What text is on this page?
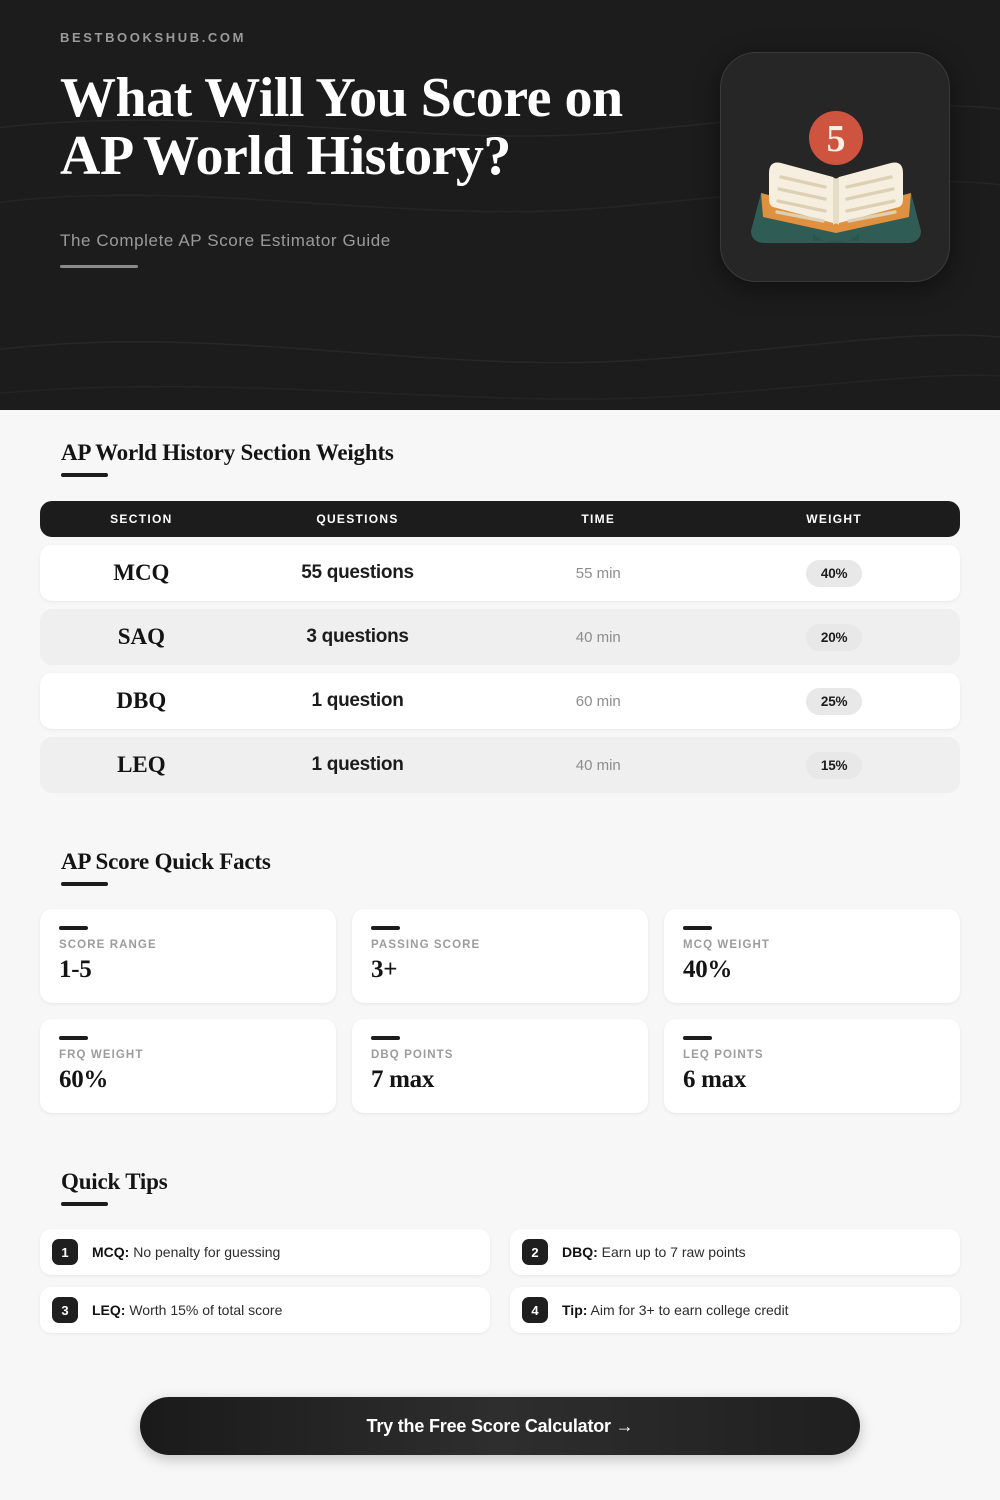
BESTBOOKSHUB.COM
What Will You Score on AP World History?
The Complete AP Score Estimator Guide
5
AP World History Section Weights
SECTION	QUESTIONS	TIME	WEIGHT
MCQ	55 questions	55 min	40%
SAQ	3 questions	40 min	20%
DBQ	1 question	60 min	25%
LEQ	1 question	40 min	15%
AP Score Quick Facts
SCORE RANGE
1-5
PASSING SCORE
3+
MCQ WEIGHT
40%
FRQ WEIGHT
60%
DBQ POINTS
7 max
LEQ POINTS
6 max
Quick Tips
1	MCQ: No penalty for guessing	2	DBQ: Earn up to 7 raw points
3	LEQ: Worth 15% of total score	4	Tip: Aim for 3+ to earn college credit
Try the Free Score Calculator →
